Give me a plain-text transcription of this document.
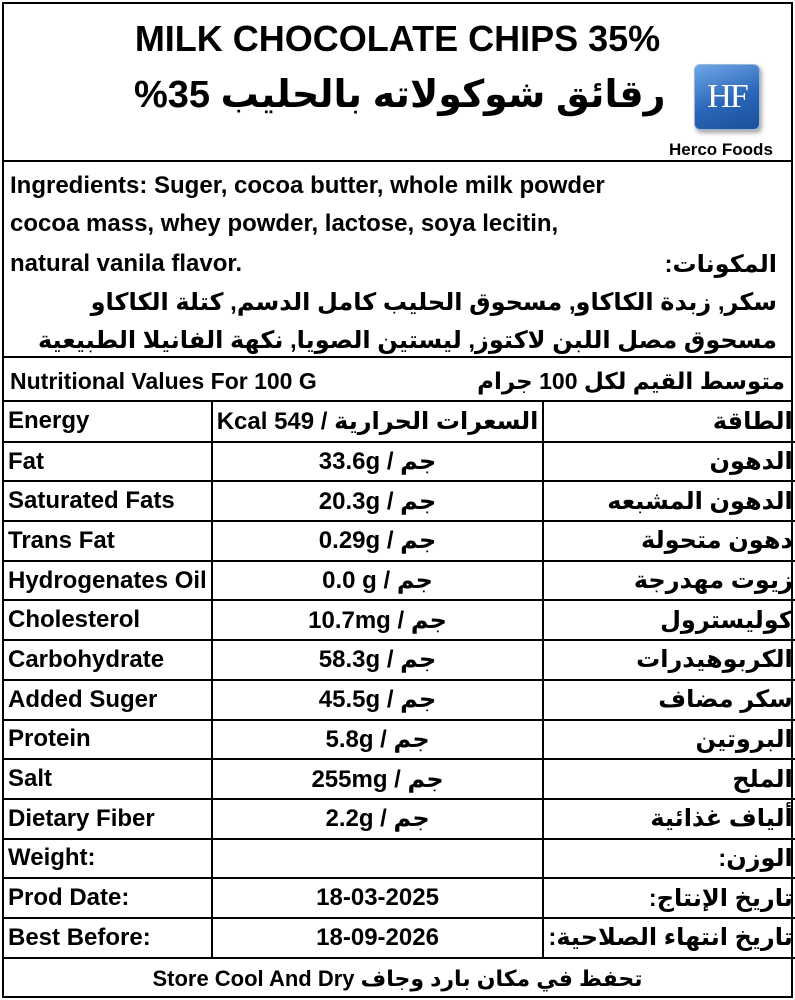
MILK CHOCOLATE CHIPS 35%
رقائق شوكولاته بالحليب 35% HF
Herco Foods
Ingredients: Suger, cocoa butter, whole milk powder
cocoa mass, whey powder, lactose, soya lecitin,
natural vanila flavor.	المكونات:
سكر, زبدة الكاكاو, مسحوق الحليب كامل الدسم, كتلة الكاكاو
مسحوق مصل اللبن لاكتوز, ليستين الصويا, نكهة الفانيلا الطبيعية
Nutritional Values For 100 G	متوسط القيم لكل 100 جرام
Energy	Kcal 549 / السعرات الحرارية	الطاقة
Fat	33.6g / جم	الدهون
Saturated Fats	20.3g / جم	الدهون المشبعه
Trans Fat	0.29g / جم	دهون متحولة
Hydrogenates Oil	0.0 g / جم	زيوت مهدرجة
Cholesterol	10.7mg / جم	كوليسترول
Carbohydrate	58.3g / جم	الكربوهيدرات
Added Suger	45.5g / جم	سكر مضاف
Protein	5.8g / جم	البروتين
Salt	255mg / جم	الملح
Dietary Fiber	2.2g / جم	ألياف غذائية
Weight:		الوزن:
Prod Date:	18-03-2025	تاريخ الإنتاج:
Best Before:	18-09-2026	تاريخ انتهاء الصلاحية:
Store Cool And Dry تحفظ في مكان بارد وجاف
